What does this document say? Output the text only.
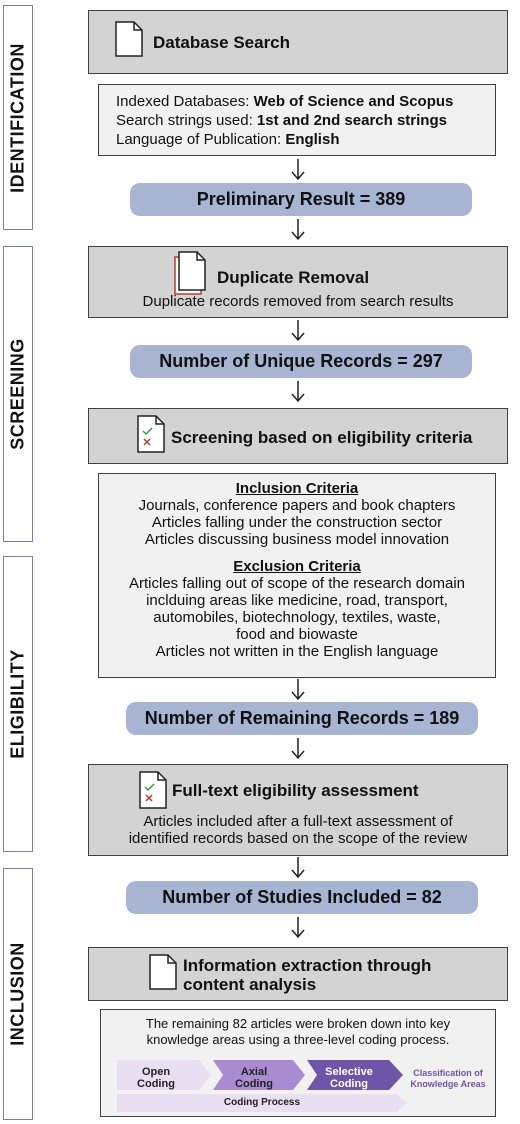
IDENTIFICATION
SCREENING
ELIGIBILITY
INCLUSION
Database Search
Indexed Databases: Web of Science and Scopus
Search strings used: 1st and 2nd search strings
Language of Publication: English
Preliminary Result = 389
Duplicate Removal
Duplicate records removed from search results
Number of Unique Records = 297
Screening based on eligibility criteria
Inclusion Criteria
Journals, conference papers and book chapters
Articles falling under the construction sector
Articles discussing business model innovation
Exclusion Criteria
Articles falling out of scope of the research domain
inclduing areas like medicine, road, transport,
automobiles, biotechnology, textiles, waste,
food and biowaste
Articles not written in the English language
Number of Remaining Records = 189
Full-text eligibility assessment
Articles included after a full-text assessment of
identified records based on the scope of the review
Number of Studies Included = 82
Information extraction through
content analysis
The remaining 82 articles were broken down into key
knowledge areas using a three-level coding process.
Open
Coding
Axial
Coding
Selective
Coding
Classification of
Knowledge Areas
Coding Process
